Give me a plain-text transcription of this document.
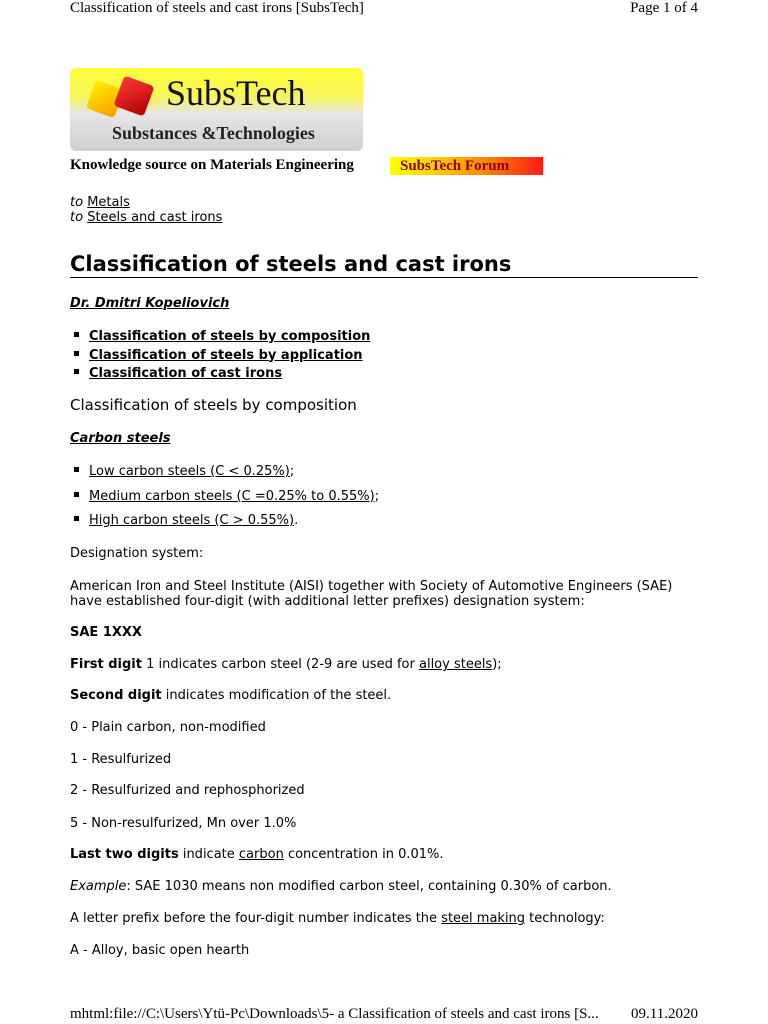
Classification of steels and cast irons [SubsTech]	Page 1 of 4
SubsTech
Substances &Technologies
Knowledge source on Materials Engineering	SubsTech Forum
to Metals
to Steels and cast irons
Classification of steels and cast irons
Dr. Dmitri Kopeliovich
Classification of steels by composition
Classification of steels by application
Classification of cast irons
Classification of steels by composition
Carbon steels
Low carbon steels (C < 0.25%);
Medium carbon steels (C =0.25% to 0.55%);
High carbon steels (C > 0.55%).
Designation system:
American Iron and Steel Institute (AISI) together with Society of Automotive Engineers (SAE) have established four-digit (with additional letter prefixes) designation system:
SAE 1XXX
First digit 1 indicates carbon steel (2-9 are used for alloy steels);
Second digit indicates modification of the steel.
0 - Plain carbon, non-modified
1 - Resulfurized
2 - Resulfurized and rephosphorized
5 - Non-resulfurized, Mn over 1.0%
Last two digits indicate carbon concentration in 0.01%.
Example: SAE 1030 means non modified carbon steel, containing 0.30% of carbon.
A letter prefix before the four-digit number indicates the steel making technology:
A - Alloy, basic open hearth
mhtml:file://C:\Users\Ytü-Pc\Downloads\5- a Classification of steels and cast irons [S... 09.11.2020
